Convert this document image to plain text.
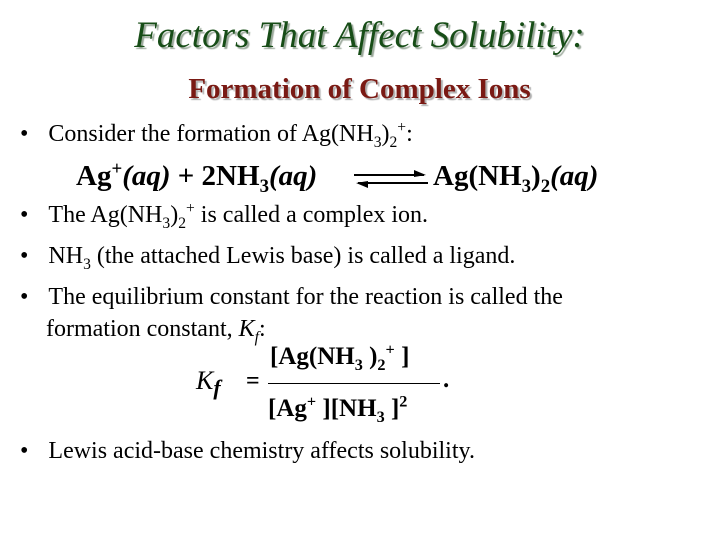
Factors That Affect Solubility:
Formation of Complex Ions
• Consider the formation of $Ag(NH_3)_2^+$:
$Ag^+(aq) + 2NH_3(aq)$	$Ag(NH_3)_2(aq)$
• The $Ag(NH_3)_2^+$ is called a complex ion.
• $NH_3$ (the attached Lewis base) is called a ligand.
• The equilibrium constant for the reaction is called the
formation constant, $K_f$:
$K_f$ =
[$Ag(NH_3$ )$_2^+$ ]
.
[Ag+ ][$NH_3$ ]$^2$
• Lewis acid-base chemistry affects solubility.
